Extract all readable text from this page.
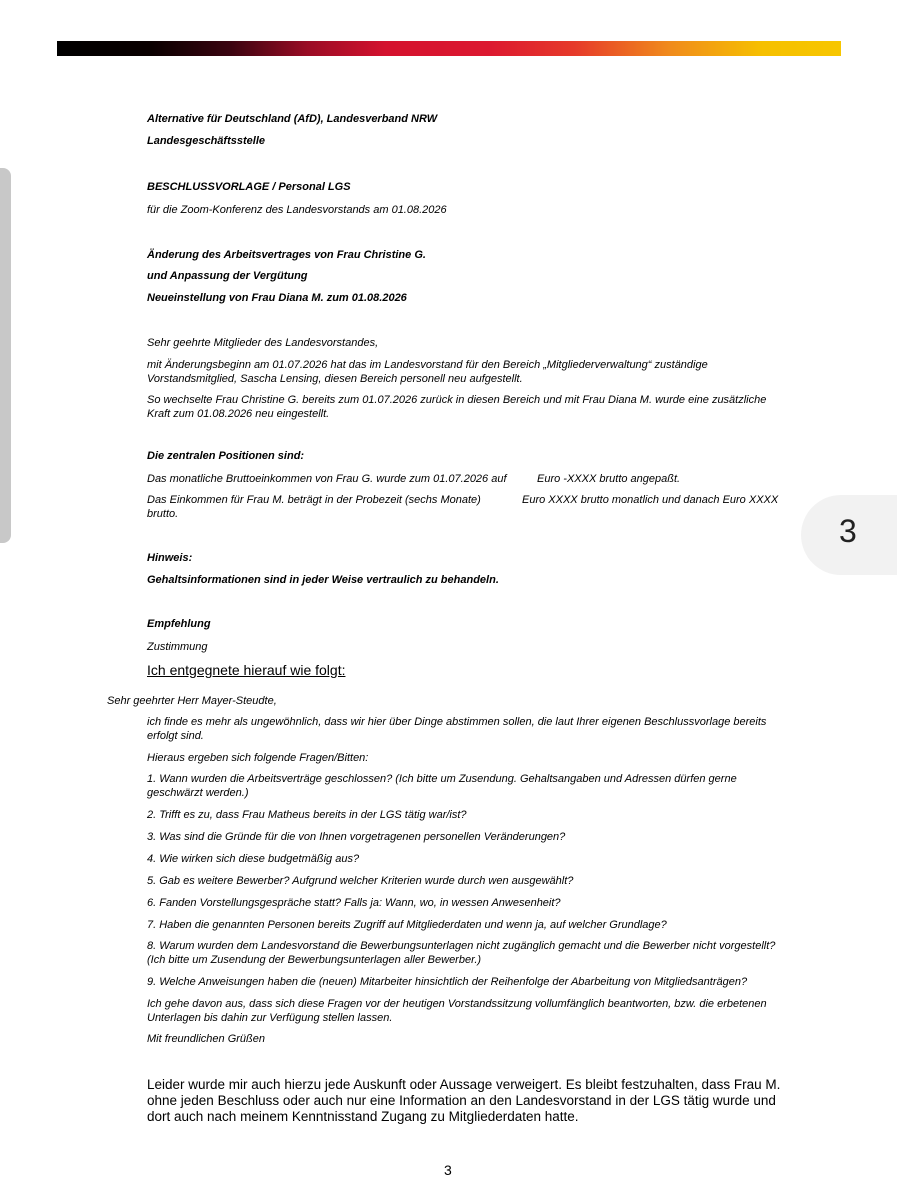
3
Alternative für Deutschland (AfD), Landesverband NRW
Landesgeschäftsstelle
BESCHLUSSVORLAGE / Personal LGS
für die Zoom-Konferenz des Landesvorstands am 01.08.2026
Änderung des Arbeitsvertrages von Frau Christine G.
und Anpassung der Vergütung
Neueinstellung von Frau Diana M. zum 01.08.2026
Sehr geehrte Mitglieder des Landesvorstandes,
mit Änderungsbeginn am 01.07.2026 hat das im Landesvorstand für den Bereich „Mitgliederverwaltung“ zuständige Vorstandsmitglied, Sascha Lensing, diesen Bereich personell neu aufgestellt.
So wechselte Frau Christine G. bereits zum 01.07.2026 zurück in diesen Bereich und mit Frau Diana M. wurde eine zusätzliche Kraft zum 01.08.2026 neu eingestellt.
Die zentralen Positionen sind:
Das monatliche Bruttoeinkommen von Frau G. wurde zum 01.07.2026 auf	Euro -XXXX brutto angepaßt.
Das Einkommen für Frau M. beträgt in der Probezeit (sechs Monate)	Euro XXXX brutto monatlich und danach Euro XXXX
brutto.
Hinweis:
Gehaltsinformationen sind in jeder Weise vertraulich zu behandeln.
Empfehlung
Zustimmung
Ich entgegnete hierauf wie folgt:
Sehr geehrter Herr Mayer-Steudte,
ich finde es mehr als ungewöhnlich, dass wir hier über Dinge abstimmen sollen, die laut Ihrer eigenen Beschlussvorlage bereits erfolgt sind.
Hieraus ergeben sich folgende Fragen/Bitten:
1. Wann wurden die Arbeitsverträge geschlossen? (Ich bitte um Zusendung. Gehaltsangaben und Adressen dürfen gerne geschwärzt werden.)
2. Trifft es zu, dass Frau Matheus bereits in der LGS tätig war/ist?
3. Was sind die Gründe für die von Ihnen vorgetragenen personellen Veränderungen?
4. Wie wirken sich diese budgetmäßig aus?
5. Gab es weitere Bewerber? Aufgrund welcher Kriterien wurde durch wen ausgewählt?
6. Fanden Vorstellungsgespräche statt? Falls ja: Wann, wo, in wessen Anwesenheit?
7. Haben die genannten Personen bereits Zugriff auf Mitgliederdaten und wenn ja, auf welcher Grundlage?
8. Warum wurden dem Landesvorstand die Bewerbungsunterlagen nicht zugänglich gemacht und die Bewerber nicht vorgestellt? (Ich bitte um Zusendung der Bewerbungsunterlagen aller Bewerber.)
9. Welche Anweisungen haben die (neuen) Mitarbeiter hinsichtlich der Reihenfolge der Abarbeitung von Mitgliedsanträgen?
Ich gehe davon aus, dass sich diese Fragen vor der heutigen Vorstandssitzung vollumfänglich beantworten, bzw. die erbetenen Unterlagen bis dahin zur Verfügung stellen lassen.
Mit freundlichen Grüßen
Leider wurde mir auch hierzu jede Auskunft oder Aussage verweigert. Es bleibt festzuhalten, dass Frau M. ohne jeden Beschluss oder auch nur eine Information an den Landesvorstand in der LGS tätig wurde und dort auch nach meinem Kenntnisstand Zugang zu Mitgliederdaten hatte.
3
